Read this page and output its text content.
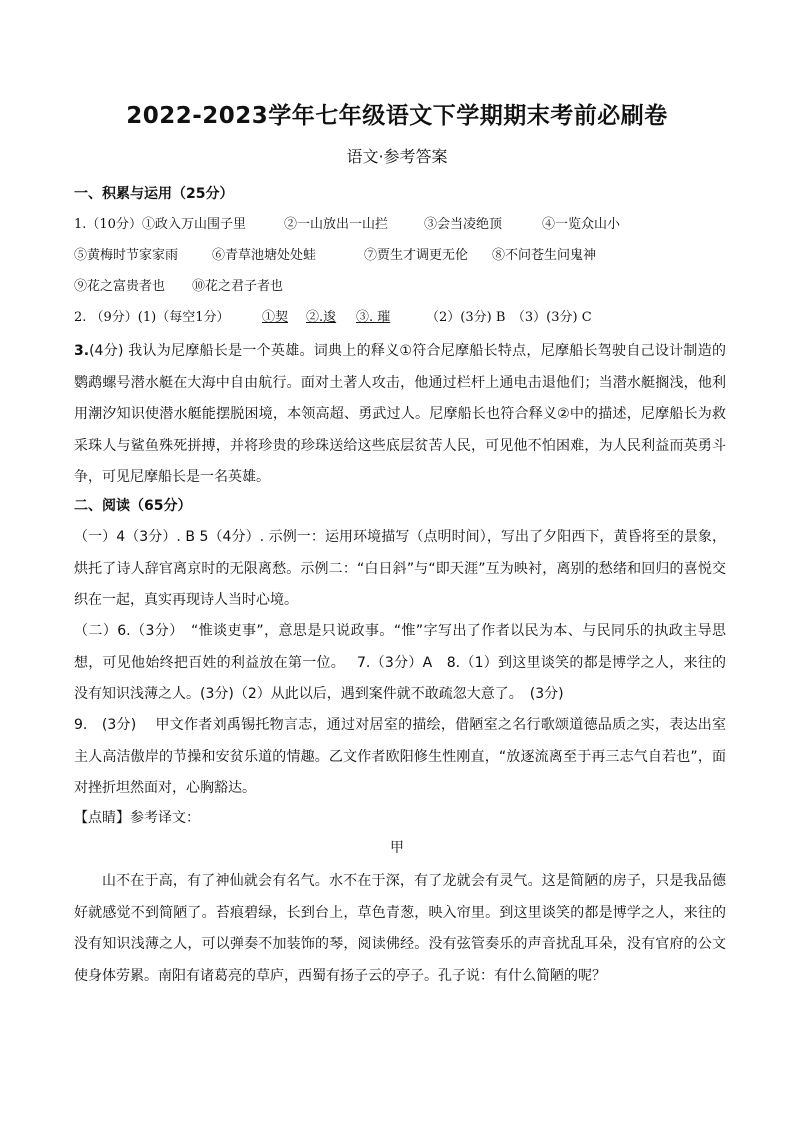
2022-2023学年七年级语文下学期期末考前必刷卷
语文·参考答案
一、积累与运用（25分）
1.（10分）①政入万山围子里	②一山放出一山拦	③会当凌绝顶	④一览众山小
⑤黄梅时节家家雨	⑥青草池塘处处蛙	⑦贾生才调更无伦 ⑧不问苍生问鬼神
⑨花之富贵者也 ⑩花之君子者也
2. （9分）(1)（每空1分）	①契 ②.逡 ③. 璀	（2）(3分) B　（3）(3分) C
3.(4分) 我认为尼摩船长是一个英雄。词典上的释义①符合尼摩船长特点，尼摩船长驾驶自己设计制造的鹦鹉螺号潜水艇在大海中自由航行。面对土著人攻击，他通过栏杆上通电击退他们；当潜水艇搁浅，他利用潮汐知识使潜水艇能摆脱困境，本领高超、勇武过人。尼摩船长也符合释义②中的描述，尼摩船长为救采珠人与鲨鱼殊死拼搏，并将珍贵的珍珠送给这些底层贫苦人民，可见他不怕困难，为人民利益而英勇斗争，可见尼摩船长是一名英雄。
二、阅读（65分）
（一）4（3分）. B 5（4分）. 示例一：运用环境描写（点明时间），写出了夕阳西下，黄昏将至的景象，烘托了诗人辞官离京时的无限离愁。示例二：“白日斜”与“即天涯”互为映衬，离别的愁绪和回归的喜悦交织在一起，真实再现诗人当时心境。
（二）6.（3分）　“惟谈吏事”，意思是只说政事。“惟”字写出了作者以民为本、与民同乐的执政主导思想，可见他始终把百姓的利益放在第一位。　 7.（3分）A　8.（1）到这里谈笑的都是博学之人，来往的没有知识浅薄之人。(3分)（2）从此以后，遇到案件就不敢疏忽大意了。　(3分)
9.　(3分)　 甲文作者刘禹锡托物言志，通过对居室的描绘，借陋室之名行歌颂道德品质之实，表达出室主人高洁傲岸的节操和安贫乐道的情趣。乙文作者欧阳修生性刚直，“放逐流离至于再三志气自若也”，面对挫折坦然面对，心胸豁达。
【点睛】参考译文：
甲
山不在于高，有了神仙就会有名气。水不在于深，有了龙就会有灵气。这是简陋的房子，只是我品德好就感觉不到简陋了。苔痕碧绿，长到台上，草色青葱，映入帘里。到这里谈笑的都是博学之人，来往的没有知识浅薄之人，可以弹奏不加装饰的琴，阅读佛经。没有弦管奏乐的声音扰乱耳朵，没有官府的公文使身体劳累。南阳有诸葛亮的草庐，西蜀有扬子云的亭子。孔子说：有什么简陋的呢？
